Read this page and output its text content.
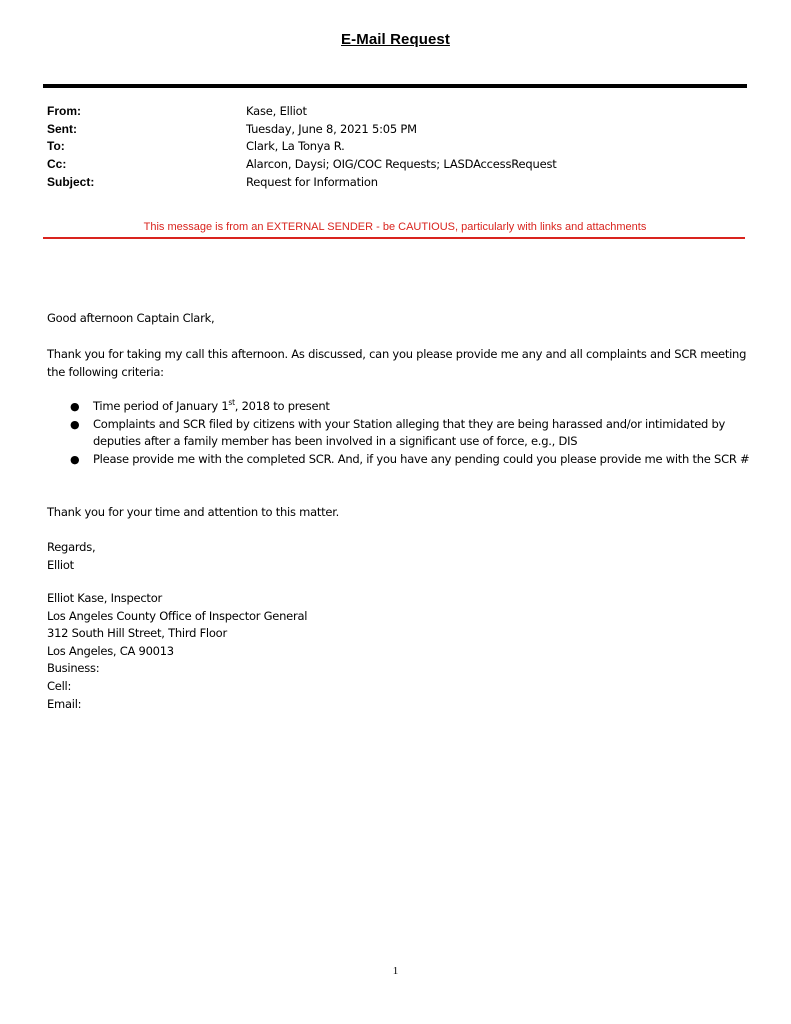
E-Mail Request
From:	Kase, Elliot
Sent:	Tuesday, June 8, 2021 5:05 PM
To:	Clark, La Tonya R.
Cc:	Alarcon, Daysi; OIG/COC Requests; LASDAccessRequest
Subject:	Request for Information
This message is from an EXTERNAL SENDER - be CAUTIOUS, particularly with links and attachments
Good afternoon Captain Clark,
Thank you for taking my call this afternoon. As discussed, can you please provide me any and all complaints and SCR meeting the following criteria:
● Time period of January 1st, 2018 to present
● Complaints and SCR filed by citizens with your Station alleging that they are being harassed and/or intimidated by deputies after a family member has been involved in a significant use of force, e.g., DIS
● Please provide me with the completed SCR. And, if you have any pending could you please provide me with the SCR #
Thank you for your time and attention to this matter.
Regards,
Elliot
Elliot Kase, Inspector
Los Angeles County Office of Inspector General
312 South Hill Street, Third Floor
Los Angeles, CA 90013
Business:
Cell:
Email:
1
